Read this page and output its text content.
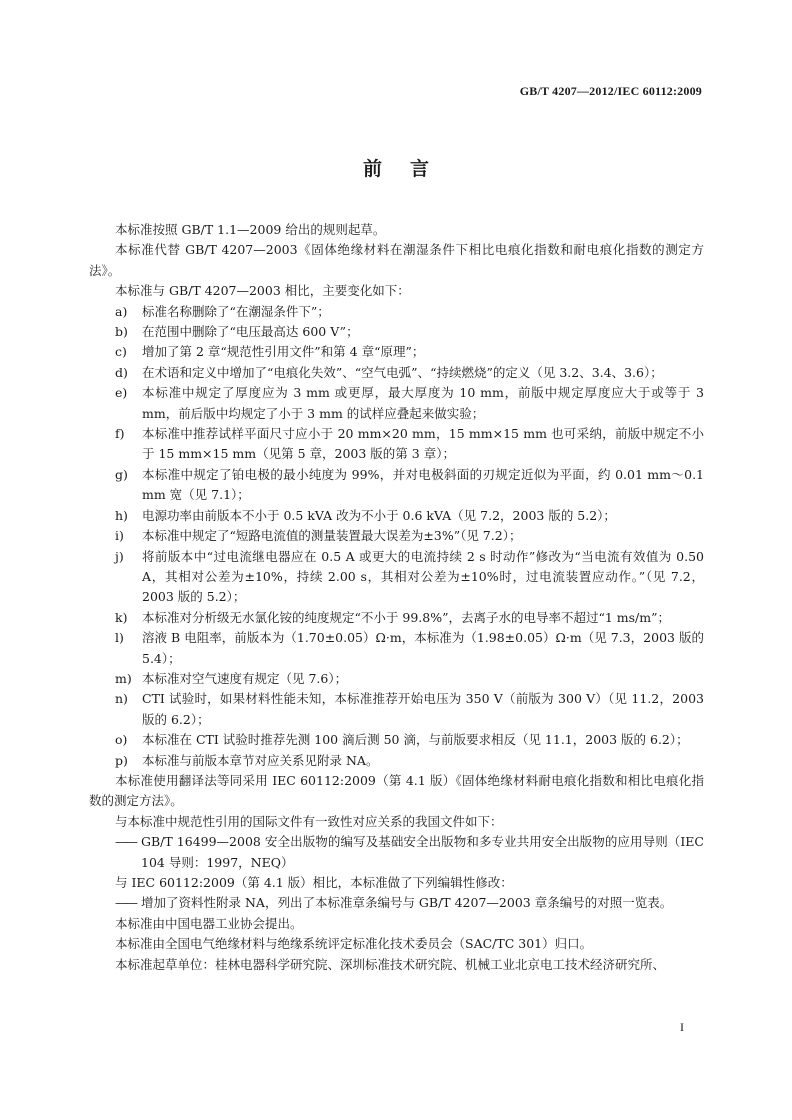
GB/T 4207—2012/IEC 60112:2009
前言

本标准按照 GB/T 1.1—2009 给出的规则起草。

本标准代替 GB/T 4207—2003《固体绝缘材料在潮湿条件下相比电痕化指数和耐电痕化指数的测定方法》。

本标准与 GB/T 4207—2003 相比，主要变化如下：

a) 标准名称删除了“在潮湿条件下”；
b) 在范围中删除了“电压最高达 600 V”；
c) 增加了第 2 章“规范性引用文件”和第 4 章“原理”；
d) 在术语和定义中增加了“电痕化失效”、“空气电弧”、“持续燃烧”的定义（见 3.2、3.4、3.6）；
e) 本标准中规定了厚度应为 3 mm 或更厚，最大厚度为 10 mm，前版中规定厚度应大于或等于 3 mm，前后版中均规定了小于 3 mm 的试样应叠起来做实验；
f) 本标准中推荐试样平面尺寸应小于 20 mm×20 mm，15 mm×15 mm 也可采纳，前版中规定不小于 15 mm×15 mm（见第 5 章，2003 版的第 3 章）；
g) 本标准中规定了铂电极的最小纯度为 99%，并对电极斜面的刃规定近似为平面，约 0.01 mm～0.1 mm 宽（见 7.1）；
h) 电源功率由前版本不小于 0.5 kVA 改为不小于 0.6 kVA（见 7.2，2003 版的 5.2）；
i) 本标准中规定了“短路电流值的测量装置最大误差为±3%”（见 7.2）；
j) 将前版本中“过电流继电器应在 0.5 A 或更大的电流持续 2 s 时动作”修改为“当电流有效值为 0.50 A，其相对公差为±10%，持续 2.00 s，其相对公差为±10%时，过电流装置应动作。”（见 7.2，2003 版的 5.2）；
k) 本标准对分析级无水氯化铵的纯度规定“不小于 99.8%”，去离子水的电导率不超过“1 ms/m”；
l) 溶液 B 电阻率，前版本为（1.70±0.05）Ω·m，本标准为（1.98±0.05）Ω·m（见 7.3，2003 版的 5.4）；
m) 本标准对空气速度有规定（见 7.6）；
n) CTI 试验时，如果材料性能未知，本标准推荐开始电压为 350 V（前版为 300 V）（见 11.2，2003 版的 6.2）；
o) 本标准在 CTI 试验时推荐先测 100 滴后测 50 滴，与前版要求相反（见 11.1，2003 版的 6.2）；
p) 本标准与前版本章节对应关系见附录 NA。

本标准使用翻译法等同采用 IEC 60112:2009（第 4.1 版）《固体绝缘材料耐电痕化指数和相比电痕化指数的测定方法》。

与本标准中规范性引用的国际文件有一致性对应关系的我国文件如下：

—— GB/T 16499—2008 安全出版物的编写及基础安全出版物和多专业共用安全出版物的应用导则（IEC 104 导则：1997，NEQ）

与 IEC 60112:2009（第 4.1 版）相比，本标准做了下列编辑性修改：

—— 增加了资料性附录 NA，列出了本标准章条编号与 GB/T 4207—2003 章条编号的对照一览表。

本标准由中国电器工业协会提出。

本标准由全国电气绝缘材料与绝缘系统评定标准化技术委员会（SAC/TC 301）归口。

本标准起草单位：桂林电器科学研究院、深圳标准技术研究院、机械工业北京电工技术经济研究所、

I
